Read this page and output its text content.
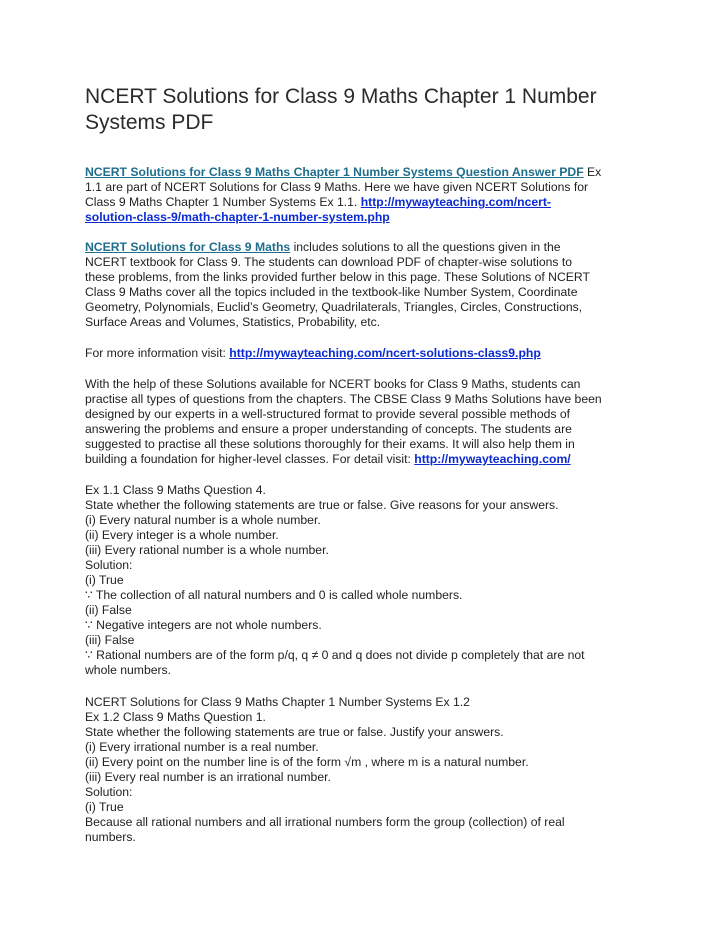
NCERT Solutions for Class 9 Maths Chapter 1 Number
Systems PDF

NCERT Solutions for Class 9 Maths Chapter 1 Number Systems Question Answer PDF Ex
1.1 are part of NCERT Solutions for Class 9 Maths. Here we have given NCERT Solutions for
Class 9 Maths Chapter 1 Number Systems Ex 1.1. http://mywayteaching.com/ncert-
solution-class-9/math-chapter-1-number-system.php

NCERT Solutions for Class 9 Maths includes solutions to all the questions given in the
NCERT textbook for Class 9. The students can download PDF of chapter-wise solutions to
these problems, from the links provided further below in this page. These Solutions of NCERT
Class 9 Maths cover all the topics included in the textbook-like Number System, Coordinate
Geometry, Polynomials, Euclid’s Geometry, Quadrilaterals, Triangles, Circles, Constructions,
Surface Areas and Volumes, Statistics, Probability, etc.

For more information visit: http://mywayteaching.com/ncert-solutions-class9.php

With the help of these Solutions available for NCERT books for Class 9 Maths, students can
practise all types of questions from the chapters. The CBSE Class 9 Maths Solutions have been
designed by our experts in a well-structured format to provide several possible methods of
answering the problems and ensure a proper understanding of concepts. The students are
suggested to practise all these solutions thoroughly for their exams. It will also help them in
building a foundation for higher-level classes. For detail visit: http://mywayteaching.com/

Ex 1.1 Class 9 Maths Question 4.
State whether the following statements are true or false. Give reasons for your answers.
(i) Every natural number is a whole number.
(ii) Every integer is a whole number.
(iii) Every rational number is a whole number.
Solution:
(i) True
∵ The collection of all natural numbers and 0 is called whole numbers.
(ii) False
∵ Negative integers are not whole numbers.
(iii) False
∵ Rational numbers are of the form p/q, q ≠ 0 and q does not divide p completely that are not
whole numbers.

NCERT Solutions for Class 9 Maths Chapter 1 Number Systems Ex 1.2
Ex 1.2 Class 9 Maths Question 1.
State whether the following statements are true or false. Justify your answers.
(i) Every irrational number is a real number.
(ii) Every point on the number line is of the form √m , where m is a natural number.
(iii) Every real number is an irrational number.
Solution:
(i) True
Because all rational numbers and all irrational numbers form the group (collection) of real
numbers.
